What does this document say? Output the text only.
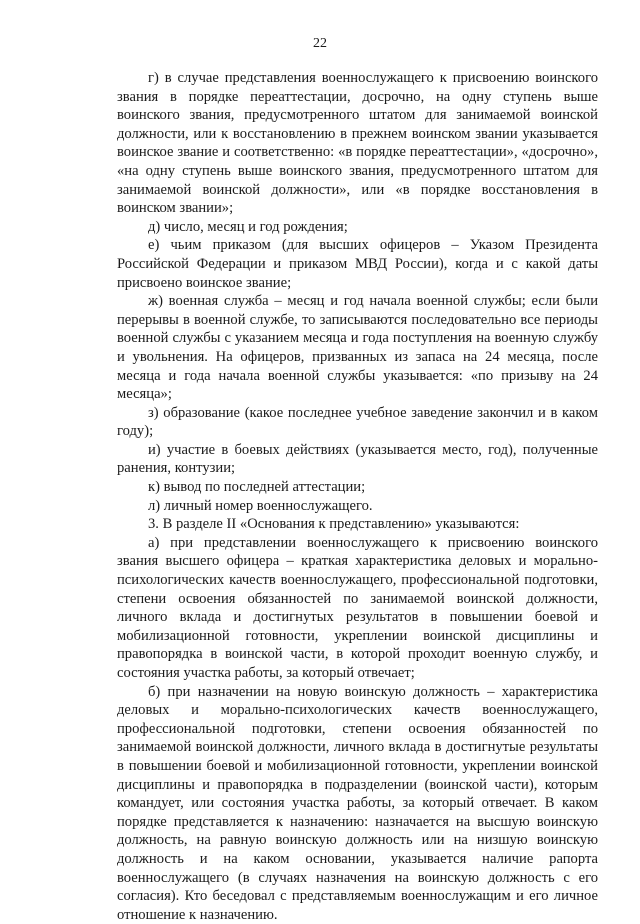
22

г) в случае представления военнослужащего к присвоению воинского звания в порядке переаттестации, досрочно, на одну ступень выше воинского звания, предусмотренного штатом для занимаемой воинской должности, или к восстановлению в прежнем воинском звании указывается воинское звание и соответственно: «в порядке переаттестации», «досрочно», «на одну ступень выше воинского звания, предусмотренного штатом для занимаемой воинской должности», или «в порядке восстановления в воинском звании»;

д) число, месяц и год рождения;

е) чьим приказом (для высших офицеров – Указом Президента Российской Федерации и приказом МВД России), когда и с какой даты присвоено воинское звание;

ж) военная служба – месяц и год начала военной службы; если были перерывы в военной службе, то записываются последовательно все периоды военной службы с указанием месяца и года поступления на военную службу и увольнения. На офицеров, призванных из запаса на 24 месяца, после месяца и года начала военной службы указывается: «по призыву на 24 месяца»;

з) образование (какое последнее учебное заведение закончил и в каком году);

и) участие в боевых действиях (указывается место, год), полученные ранения, контузии;

к) вывод по последней аттестации;

л) личный номер военнослужащего.

3. В разделе II «Основания к представлению» указываются:

а) при представлении военнослужащего к присвоению воинского звания высшего офицера – краткая характеристика деловых и морально-психологических качеств военнослужащего, профессиональной подготовки, степени освоения обязанностей по занимаемой воинской должности, личного вклада и достигнутых результатов в повышении боевой и мобилизационной готовности, укреплении воинской дисциплины и правопорядка в воинской части, в которой проходит военную службу, и состояния участка работы, за который отвечает;

б) при назначении на новую воинскую должность – характеристика деловых и морально-психологических качеств военнослужащего, профессиональной подготовки, степени освоения обязанностей по занимаемой воинской должности, личного вклада в достигнутые результаты в повышении боевой и мобилизационной готовности, укреплении воинской дисциплины и правопорядка в подразделении (воинской части), которым командует, или состояния участка работы, за который отвечает. В каком порядке представляется к назначению: назначается на высшую воинскую должность, на равную воинскую должность или на низшую воинскую должность и на каком основании, указывается наличие рапорта военнослужащего (в случаях назначения на воинскую должность с его согласия). Кто беседовал с представляемым военнослужащим и его личное отношение к назначению.
